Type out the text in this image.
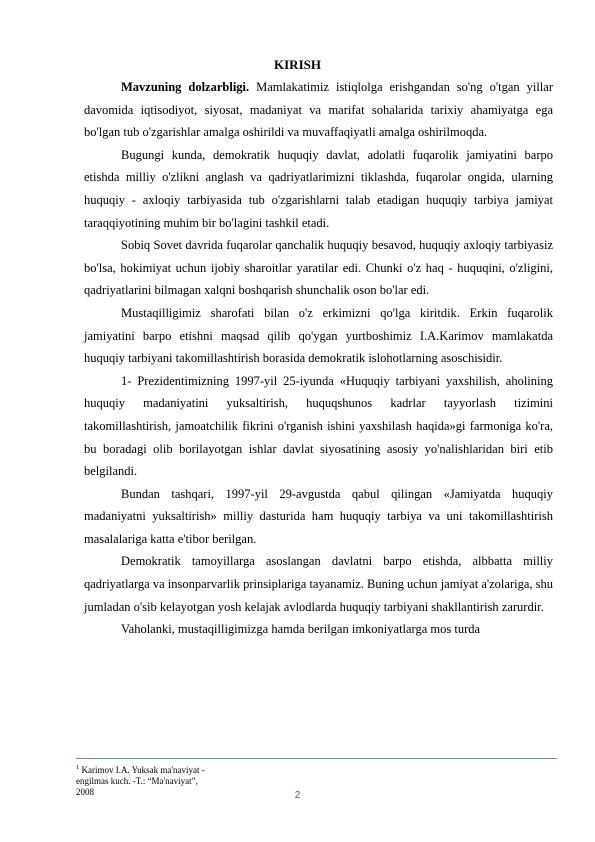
KIRISH

Mavzuning dolzarbligi. Mamlakatimiz istiqlolga erishgandan so'ng o'tgan yillar davomida iqtisodiyot, siyosat, madaniyat va marifat sohalarida tarixiy ahamiyatga ega bo'lgan tub o'zgarishlar amalga oshirildi va muvaffaqiyatli amalga oshirilmoqda.

Bugungi kunda, demokratik huquqiy davlat, adolatli fuqarolik jamiyatini barpo etishda milliy o'zlikni anglash va qadriyatlarimizni tiklashda, fuqarolar ongida, ularning huquqiy - axloqiy tarbiyasida tub o'zgarishlarni talab etadigan huquqiy tarbiya jamiyat taraqqiyotining muhim bir bo'lagini tashkil etadi.

Sobiq Sovet davrida fuqarolar qanchalik huquqiy besavod, huquqiy axloqiy tarbiyasiz bo'lsa, hokimiyat uchun ijobiy sharoitlar yaratilar edi. Chunki o'z haq - huquqini, o'zligini, qadriyatlarini bilmagan xalqni boshqarish shunchalik oson bo'lar edi.

Mustaqilligimiz sharofati bilan o'z erkimizni qo'lga kiritdik. Erkin fuqarolik jamiyatini barpo etishni maqsad qilib qo'ygan yurtboshimiz I.A.Karimov mamlakatda huquqiy tarbiyani takomillashtirish borasida demokratik islohotlarning asoschisidir.

1- Prezidentimizning 1997-yil 25-iyunda «Huquqiy tarbiyani yaxshilish, aholining huquqiy madaniyatini yuksaltirish, huquqshunos kadrlar tayyorlash tizimini takomillashtirish, jamoatchilik fikrini o'rganish ishini yaxshilash haqida»gi farmoniga ko'ra, bu boradagi olib borilayotgan ishlar davlat siyosatining asosiy yo'nalishlaridan biri etib belgilandi.

Bundan tashqari, 1997-yil 29-avgustda qabul qilingan «Jamiyatda huquqiy madaniyatni yuksaltirish» milliy dasturida ham huquqiy tarbiya va uni takomillashtirish masalalariga katta e'tibor berilgan.

Demokratik tamoyillarga asoslangan davlatni barpo etishda, albbatta milliy qadriyatlarga va insonparvarlik prinsiplariga tayanamiz. Buning uchun jamiyat a'zolariga, shu jumladan o'sib kelayotgan yosh kelajak avlodlarda huquqiy tarbiyani shakllantirish zarurdir.

Vaholanki, mustaqilligimizga hamda berilgan imkoniyatlarga mos turda

$^1$ Karimov I.A. Yuksak ma'naviyat - engilmas kuch. -T.: “Ma'naviyat”, 2008	2
